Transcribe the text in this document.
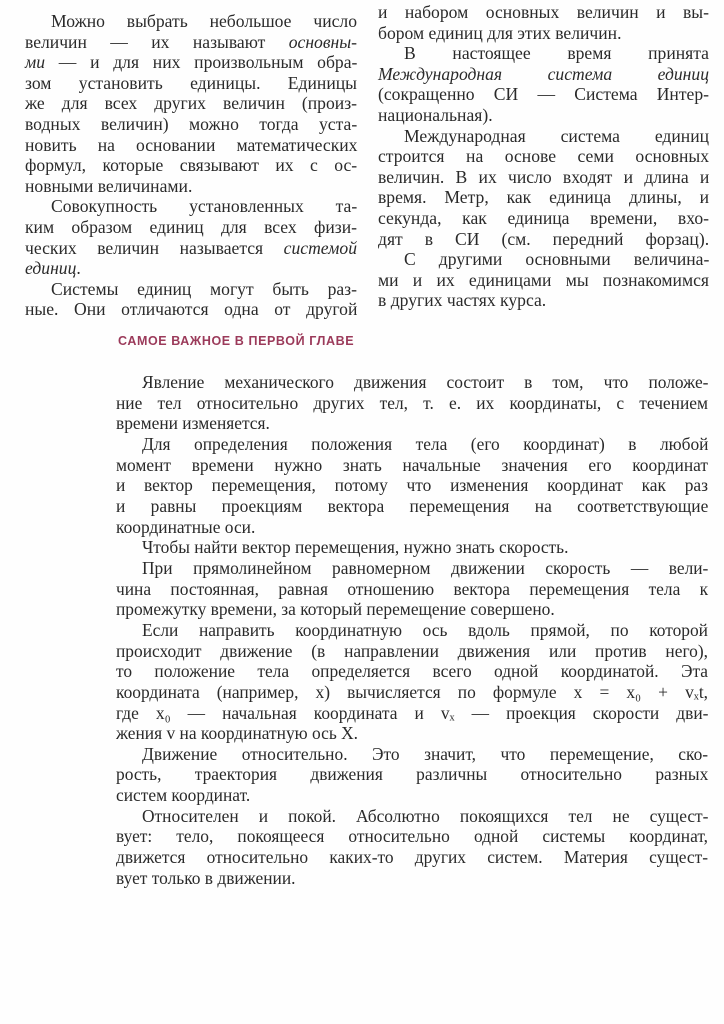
Можно выбрать небольшое число
величин — их называют основны-
ми — и для них произвольным обра-
зом установить единицы. Единицы
же для всех других величин (произ-
водных величин) можно тогда уста-
новить на основании математических
формул, которые связывают их с ос-
новными величинами.
Совокупность установленных та-
ким образом единиц для всех физи-
ческих величин называется системой
единиц.
Системы единиц могут быть раз-
ные. Они отличаются одна от другой
и набором основных величин и вы-
бором единиц для этих величин.
В настоящее время принята
Международная система единиц
(сокращенно СИ — Система Интер-
национальная).
Международная система единиц
строится на основе семи основных
величин. В их число входят и длина и
время. Метр, как единица длины, и
секунда, как единица времени, вхо-
дят в СИ (см. передний форзац).
С другими основными величина-
ми и их единицами мы познакомимся
в других частях курса.
САМОЕ ВАЖНОЕ В ПЕРВОЙ ГЛАВЕ
Явление механического движения состоит в том, что положе-
ние тел относительно других тел, т. е. их координаты, с течением
времени изменяется.
Для определения положения тела (его координат) в любой
момент времени нужно знать начальные значения его координат
и вектор перемещения, потому что изменения координат как раз
и равны проекциям вектора перемещения на соответствующие
координатные оси.
Чтобы найти вектор перемещения, нужно знать скорость.
При прямолинейном равномерном движении скорость — вели-
чина постоянная, равная отношению вектора перемещения тела к
промежутку времени, за который перемещение совершено.
Если направить координатную ось вдоль прямой, по которой
происходит движение (в направлении движения или против него),
то положение тела определяется всего одной координатой. Эта
координата (например, x) вычисляется по формуле x = x₀ + vₓt,
где x₀ — начальная координата и vₓ — проекция скорости дви-
жения v на координатную ось X.
Движение относительно. Это значит, что перемещение, ско-
рость, траектория движения различны относительно разных
систем координат.
Относителен и покой. Абсолютно покоящихся тел не сущест-
вует: тело, покоящееся относительно одной системы координат,
движется относительно каких-то других систем. Материя сущест-
вует только в движении.
